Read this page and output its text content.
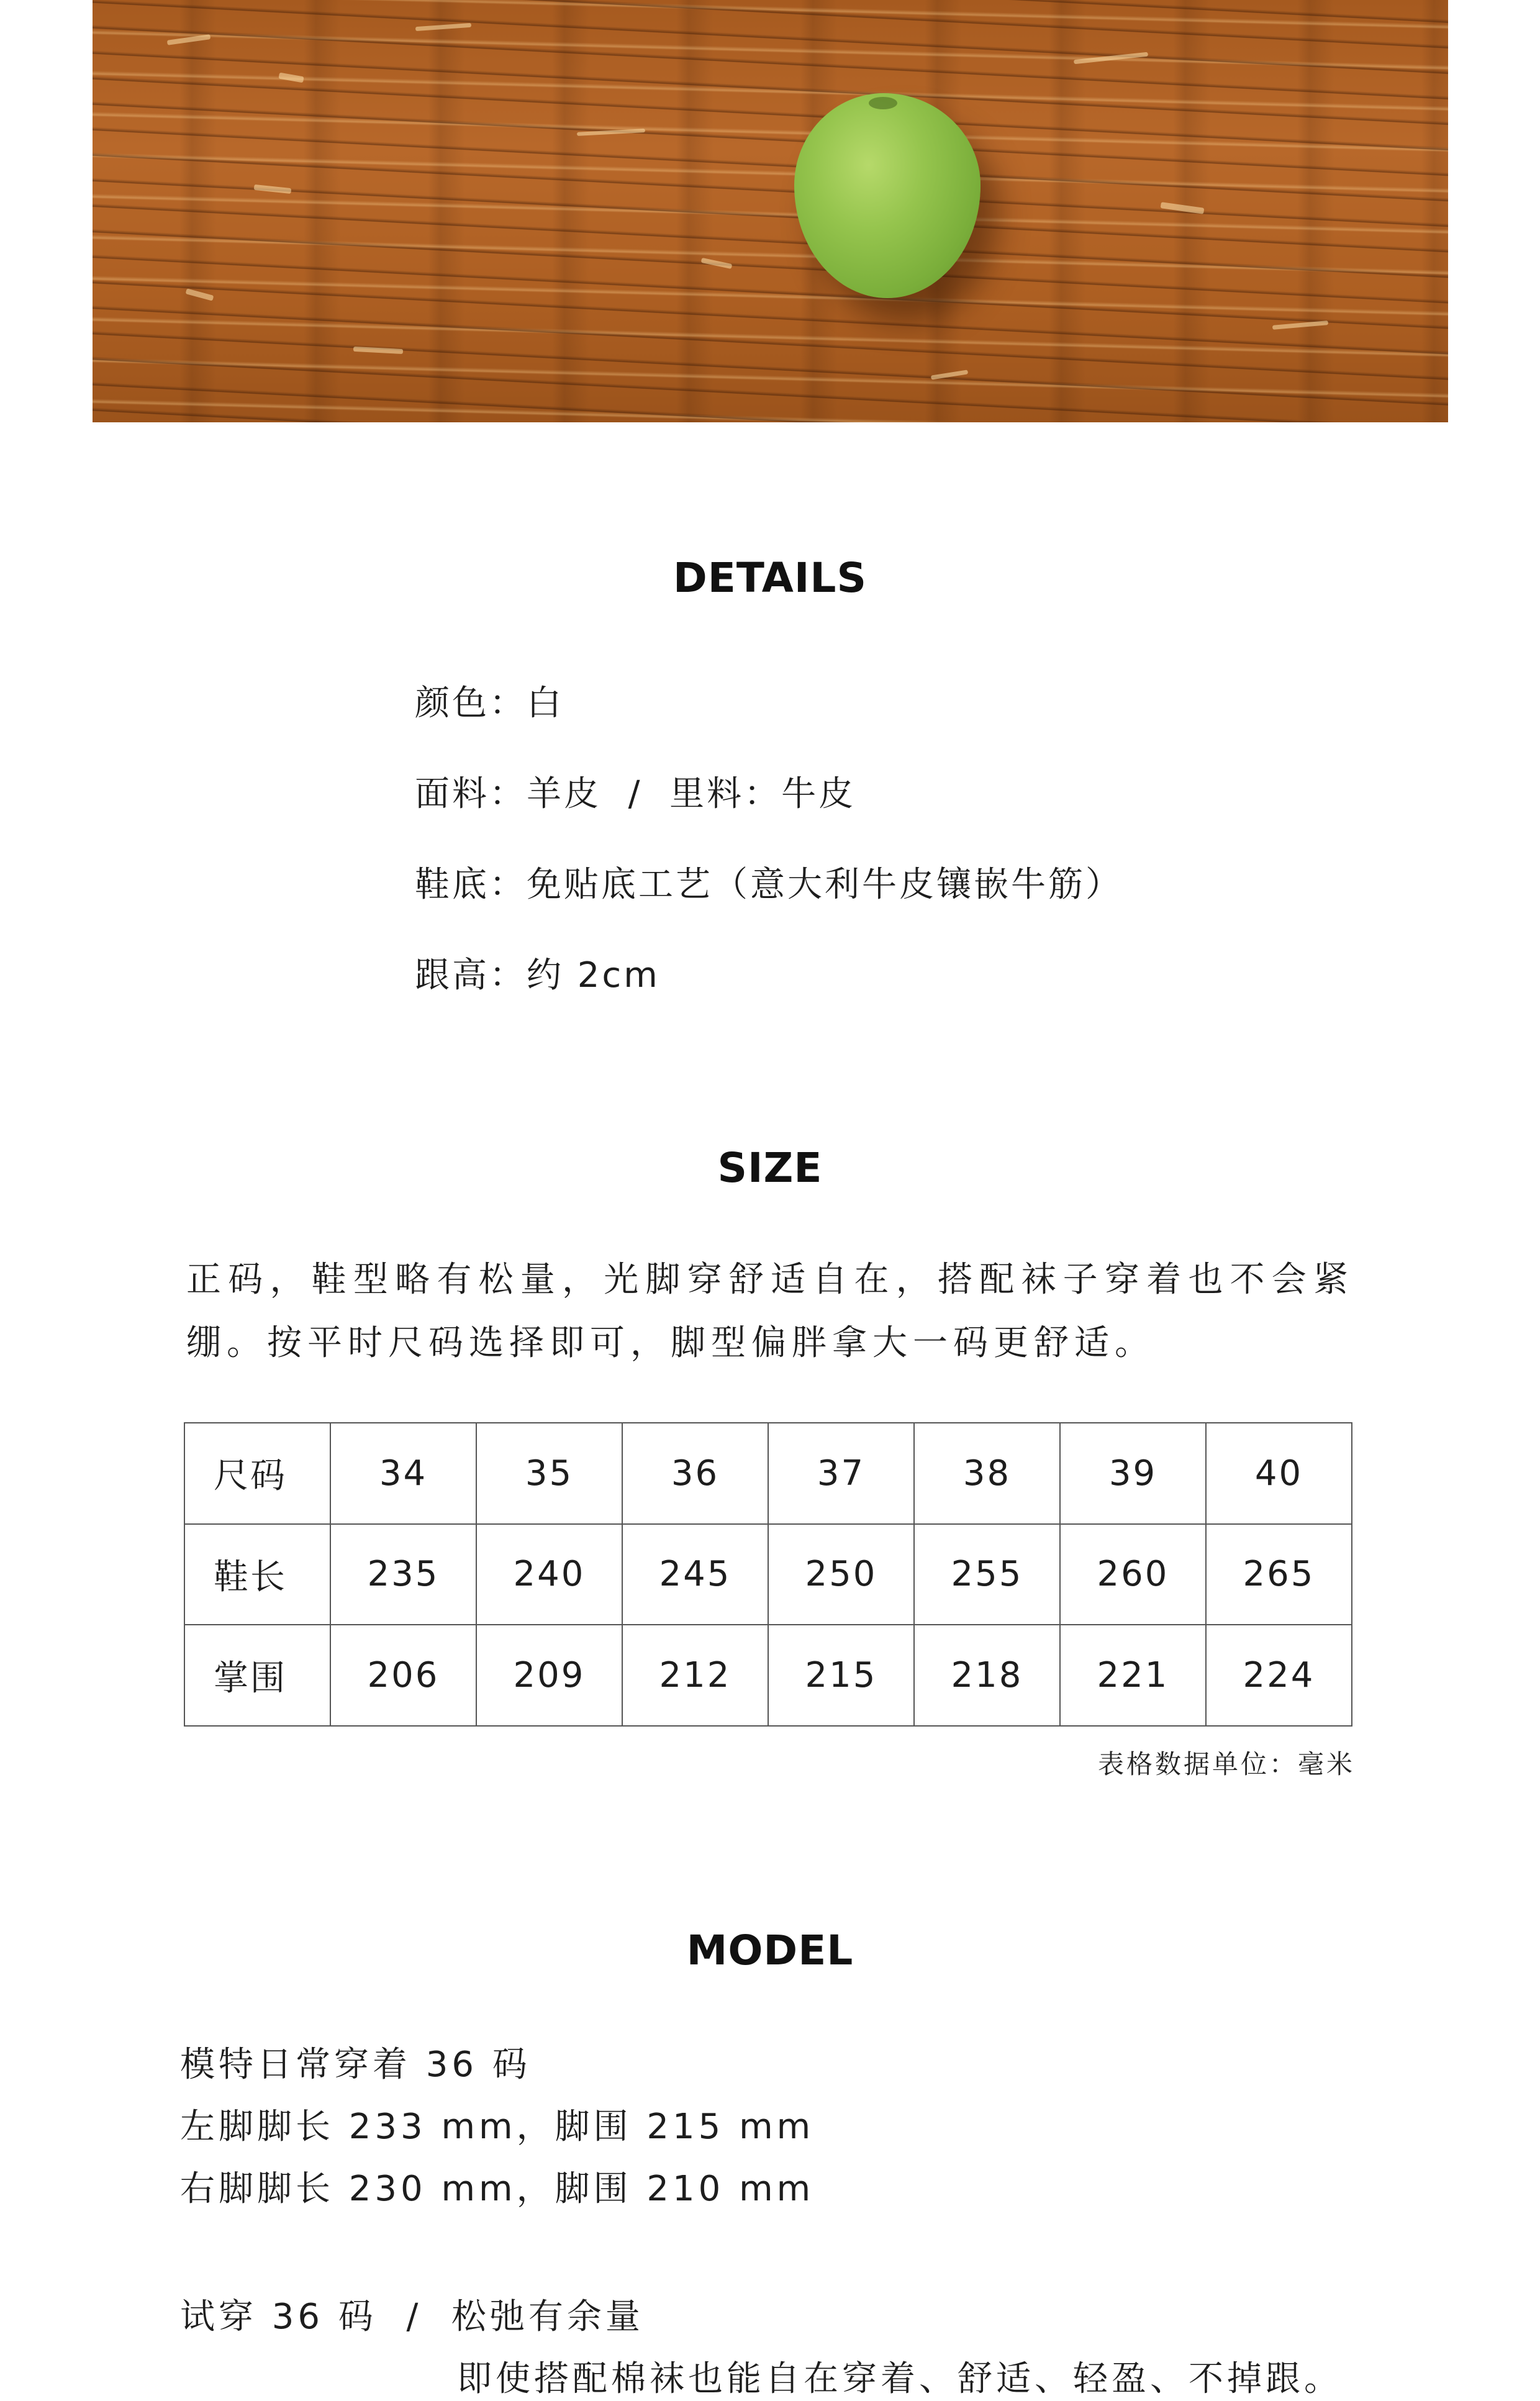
DETAILS
颜色：白
面料：羊皮  /  里料：牛皮
鞋底：免贴底工艺（意大利牛皮镶嵌牛筋）
跟高：约 2cm
SIZE
正码，鞋型略有松量，光脚穿舒适自在，搭配袜子穿着也不会紧绷。按平时尺码选择即可，脚型偏胖拿大一码更舒适。
尺码	34	35	36	37	38	39	40
鞋长	235	240	245	250	255	260	265
掌围	206	209	212	215	218	221	224
表格数据单位：毫米
MODEL
模特日常穿着 36 码
左脚脚长 233 mm，脚围 215 mm
右脚脚长 230 mm，脚围 210 mm
试穿 36 码  /  松弛有余量
即使搭配棉袜也能自在穿着、舒适、轻盈、不掉跟。
